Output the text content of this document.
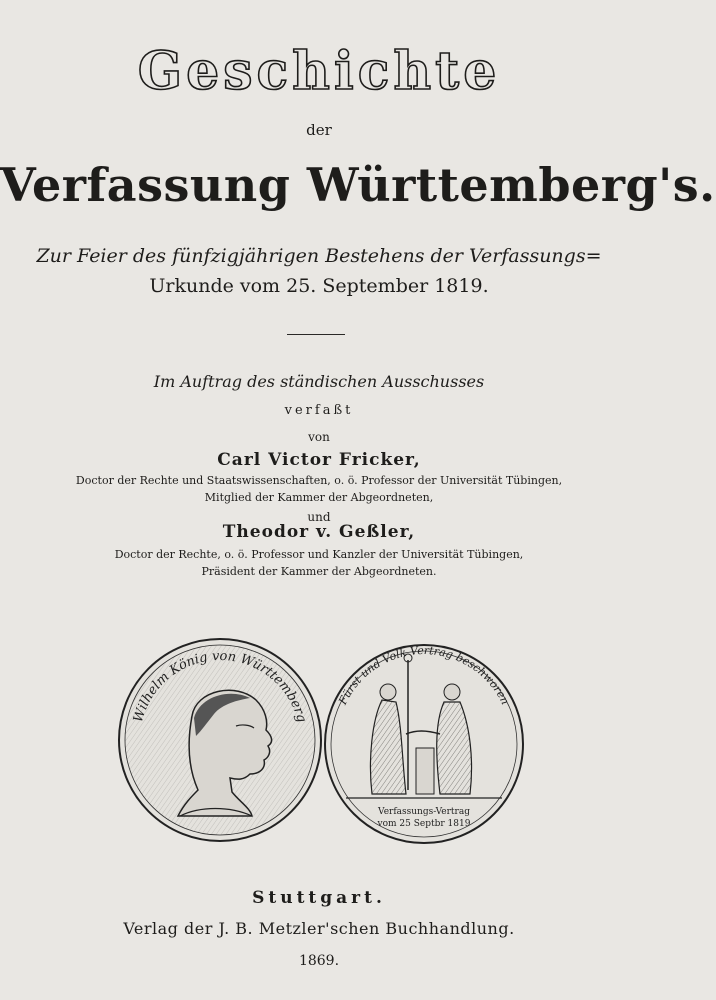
Geschichte
der
Verfassung Württemberg's.
Zur Feier des fünfzigjährigen Bestehens der Verfassungs=
Urkunde vom 25. September 1819.
Im Auftrag des ständischen Ausschusses
verfaßt
von
Carl Victor Fricker,
Doctor der Rechte und Staatswissenschaften, o. ö. Professor der Universität Tübingen,
Mitglied der Kammer der Abgeordneten,
und
Theodor v. Geßler,
Doctor der Rechte, o. ö. Professor und Kanzler der Universität Tübingen,
Präsident der Kammer der Abgeordneten.
Wilhelm König von Württemberg
Fürst und Volk Vertrag beschworen
Verfassungs-Vertrag
vom 25 Septbr 1819
Stuttgart.
Verlag der J. B. Metzler'schen Buchhandlung.
1869.
